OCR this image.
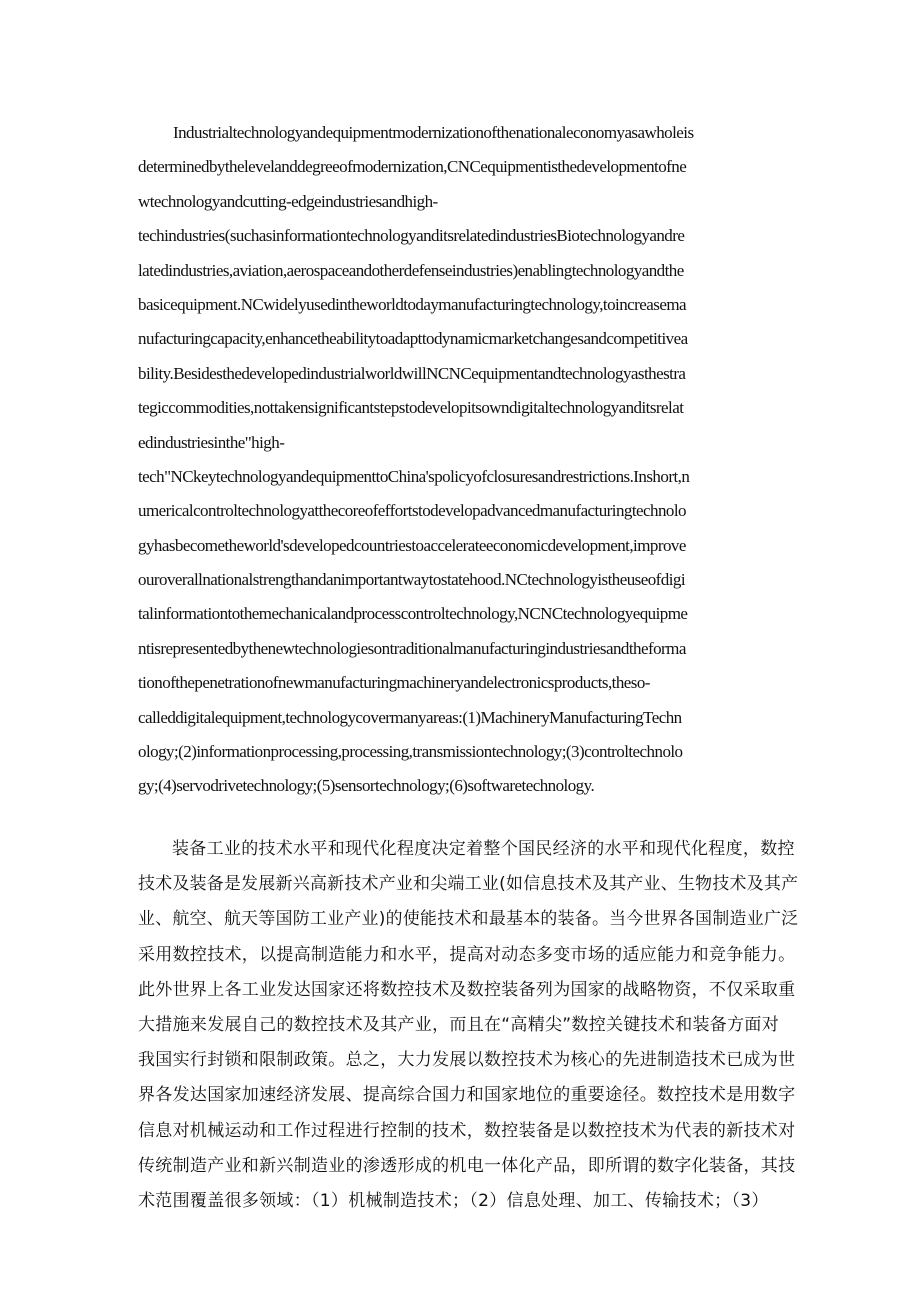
Industrialtechnologyandequipmentmodernizationofthenationaleconomyasawholeis
determinedbythelevelanddegreeofmodernization,CNCequipmentisthedevelopmentofne
wtechnologyandcutting-edgeindustriesandhigh-
techindustries(suchasinformationtechnologyanditsrelatedindustriesBiotechnologyandre
latedindustries,aviation,aerospaceandotherdefenseindustries)enablingtechnologyandthe
basicequipment.NCwidelyusedintheworldtodaymanufacturingtechnology,toincreasema
nufacturingcapacity,enhancetheabilitytoadapttodynamicmarketchangesandcompetitivea
bility.BesidesthedevelopedindustrialworldwillNCNCequipmentandtechnologyasthestra
tegiccommodities,nottakensignificantstepstodevelopitsowndigitaltechnologyanditsrelat
edindustriesinthe"high-
tech"NCkeytechnologyandequipmenttoChina'spolicyofclosuresandrestrictions.Inshort,n
umericalcontroltechnologyatthecoreofeffortstodevelopadvancedmanufacturingtechnolo
gyhasbecometheworld'sdevelopedcountriestoaccelerateeconomicdevelopment,improve
ouroverallnationalstrengthandanimportantwaytostatehood.NCtechnologyistheuseofdigi
talinformationtothemechanicalandprocesscontroltechnology,NCNCtechnologyequipme
ntisrepresentedbythenewtechnologiesontraditionalmanufacturingindustriesandtheforma
tionofthepenetrationofnewmanufacturingmachineryandelectronicsproducts,theso-
calleddigitalequipment,technologycovermanyareas:(1)MachineryManufacturingTechn
ology;(2)informationprocessing,processing,transmissiontechnology;(3)controltechnolo
gy;(4)servodrivetechnology;(5)sensortechnology;(6)softwaretechnology.
装备工业的技术水平和现代化程度决定着整个国民经济的水平和现代化程度，数控
技术及装备是发展新兴高新技术产业和尖端工业(如信息技术及其产业、生物技术及其产
业、航空、航天等国防工业产业)的使能技术和最基本的装备。当今世界各国制造业广泛
采用数控技术，以提高制造能力和水平，提高对动态多变市场的适应能力和竞争能力。
此外世界上各工业发达国家还将数控技术及数控装备列为国家的战略物资，不仅采取重
大措施来发展自己的数控技术及其产业，而且在“高精尖”数控关键技术和装备方面对
我国实行封锁和限制政策。总之，大力发展以数控技术为核心的先进制造技术已成为世
界各发达国家加速经济发展、提高综合国力和国家地位的重要途径。数控技术是用数字
信息对机械运动和工作过程进行控制的技术，数控装备是以数控技术为代表的新技术对
传统制造产业和新兴制造业的渗透形成的机电一体化产品，即所谓的数字化装备，其技
术范围覆盖很多领域：（1）机械制造技术；（2）信息处理、加工、传输技术；（3）
